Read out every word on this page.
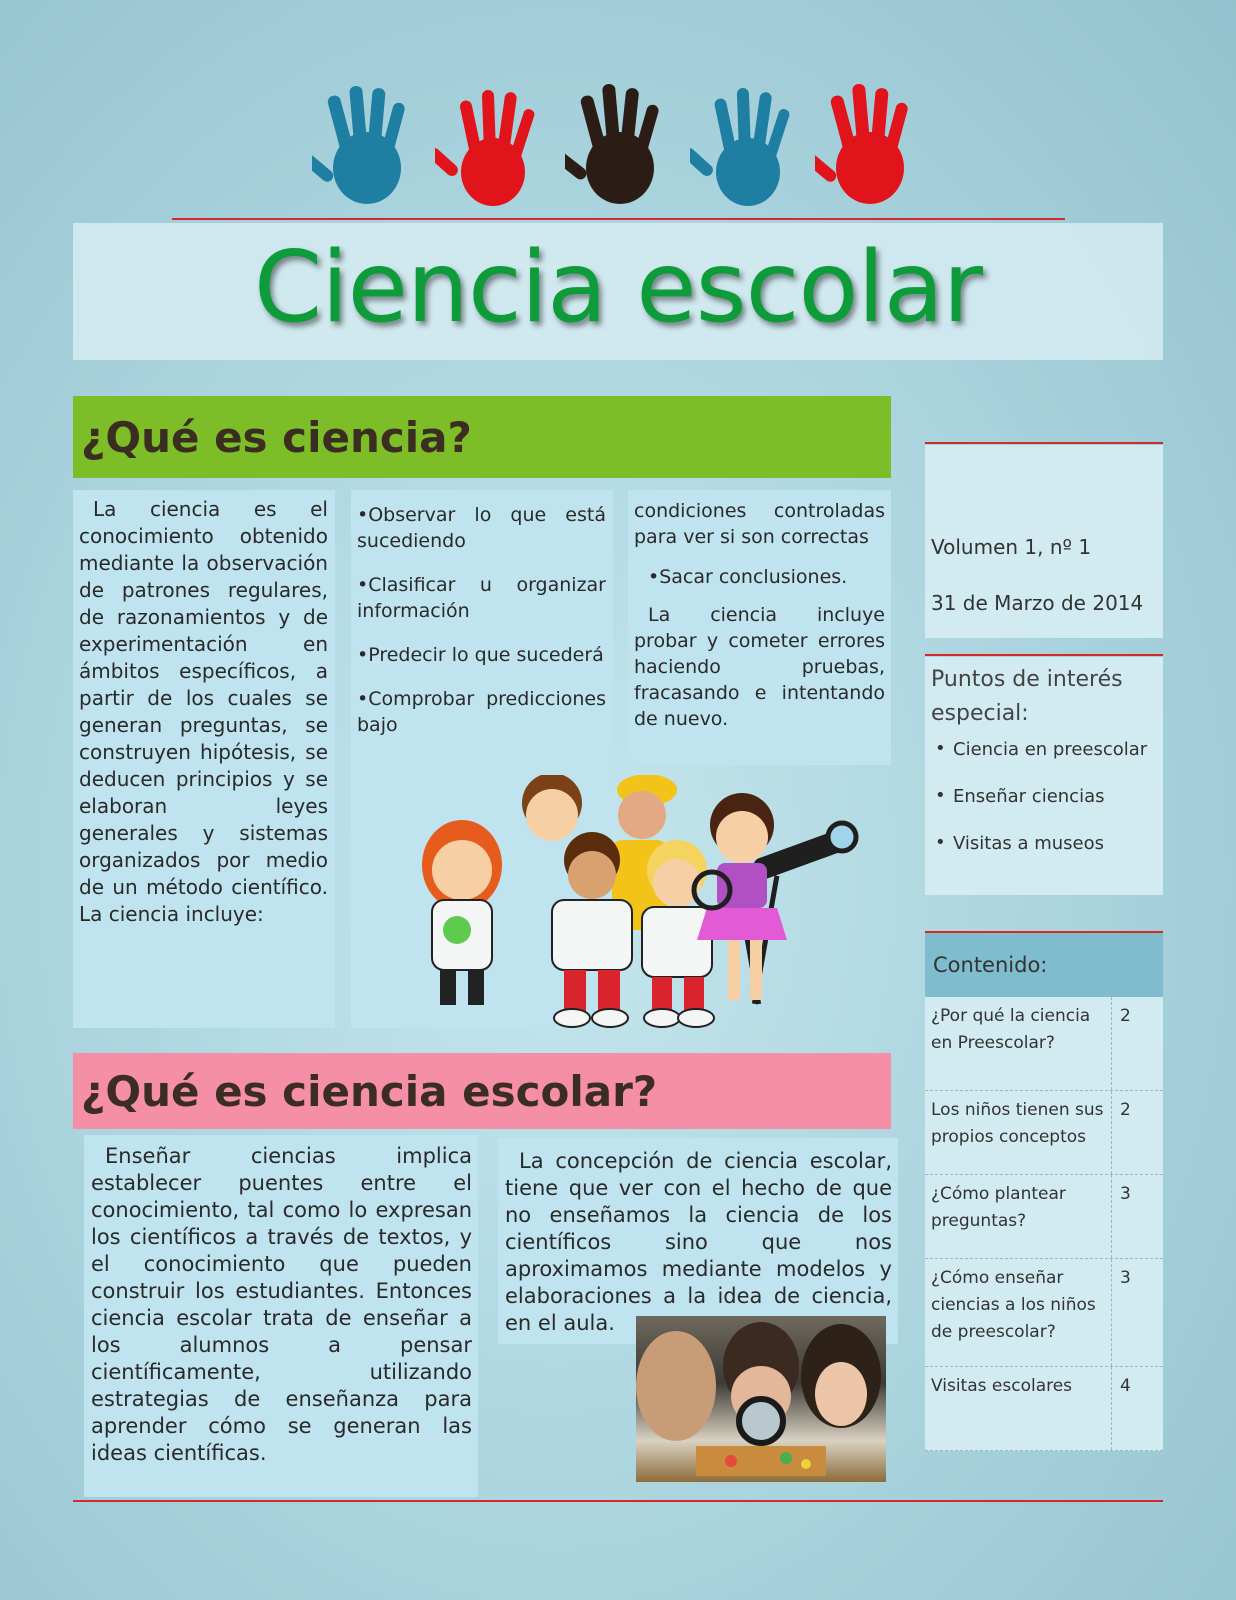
Ciencia escolar
¿Qué es ciencia?

La ciencia es el conocimiento obtenido mediante la observación de patrones regulares, de razonamientos y de experimentación en ámbitos específicos, a partir de los cuales se generan preguntas, se construyen hipótesis, se deducen principios y se elaboran leyes generales y sistemas organizados por medio de un método científico. La ciencia incluye:

•Observar lo que está sucediendo

•Clasificar u organizar información

•Predecir lo que sucederá

•Comprobar predicciones bajo

condiciones controladas para ver si son correctas

•Sacar conclusiones.

La ciencia incluye probar y cometer errores haciendo pruebas, fracasando e intentando de nuevo.

¿Qué es ciencia escolar?

Enseñar ciencias implica establecer puentes entre el conocimiento, tal como lo expresan los científicos a través de textos, y el conocimiento que pueden construir los estudiantes. Entonces ciencia escolar trata de enseñar a los alumnos a pensar científicamente, utilizando estrategias de enseñanza para aprender cómo se generan las ideas científicas.

La concepción de ciencia escolar, tiene que ver con el hecho de que no enseñamos la ciencia de los científicos sino que nos aproximamos mediante modelos y elaboraciones a la idea de ciencia, en el aula.

Volumen 1, nº 1

31 de Marzo de 2014

Puntos de interés especial:

• Ciencia en preescolar
• Enseñar ciencias
• Visitas a museos
Contenido:
¿Por qué la ciencia en Preescolar?
2
Los niños tienen sus propios conceptos
2
¿Cómo plantear preguntas?
3
¿Cómo enseñar ciencias a los niños de preescolar?
3
Visitas escolares	4
